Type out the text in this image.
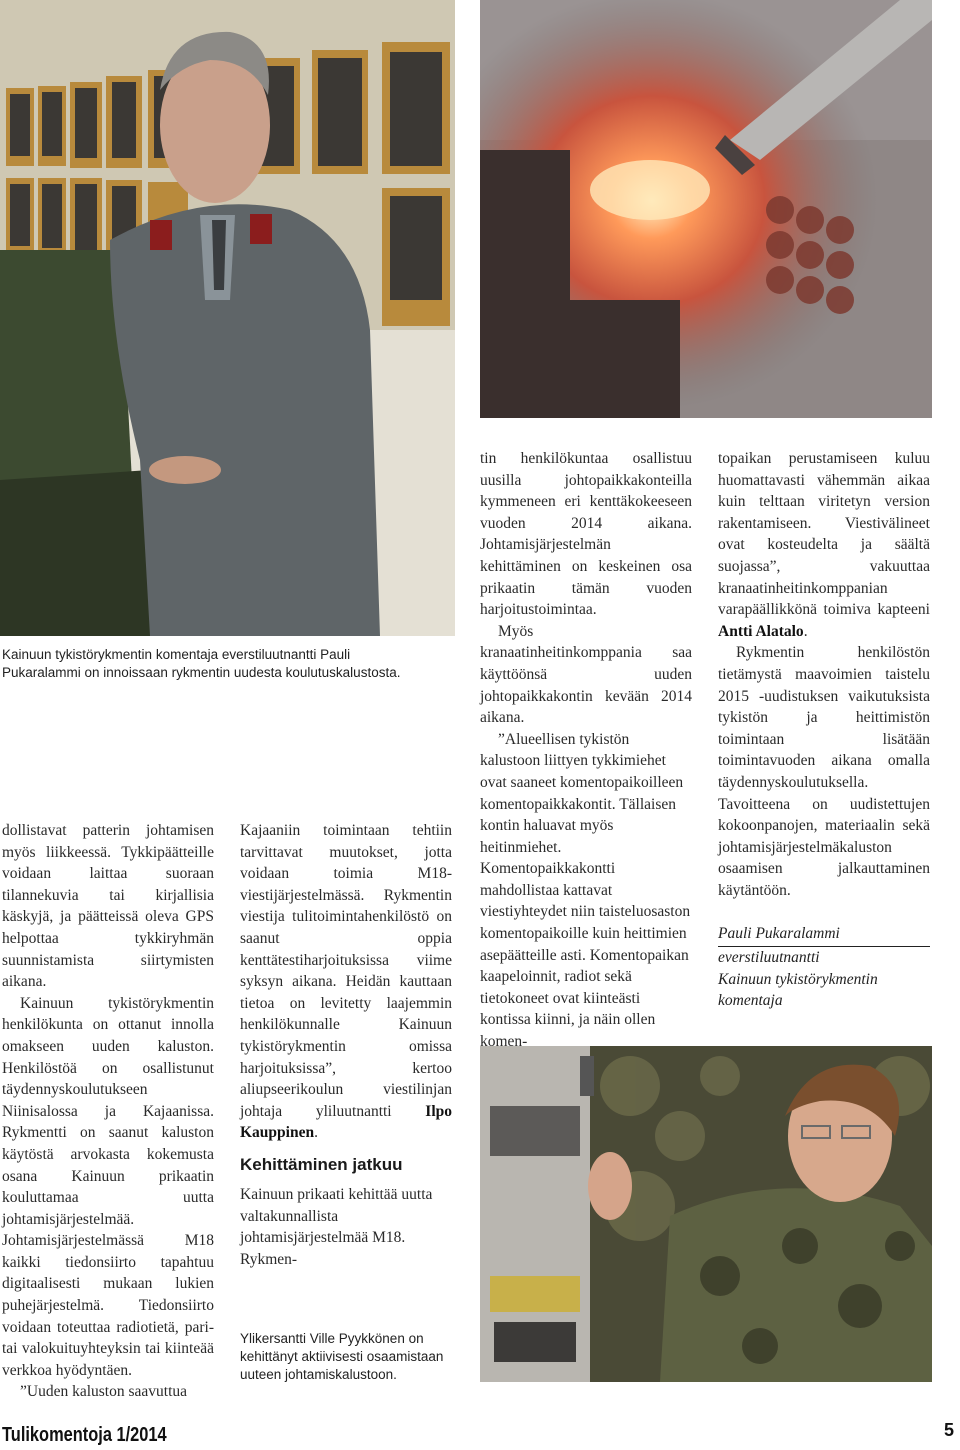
Kainuun tykistörykmentin komentaja everstiluutnantti Pauli Pukaralammi on innoissaan rykmentin uudesta koulutuskalustosta.
Ylikersantti Ville Pyykkönen on kehittänyt aktiivisesti osaamistaan uuteen johtamiskalustoon.

dollistavat patterin johtamisen myös liikkeessä. Tykkipäätteille voidaan laittaa suoraan tilannekuvia tai kirjallisia käskyjä, ja päätteissä oleva GPS helpottaa tykkiryhmän suunnistamista siirtymisten aikana.

Kainuun tykistörykmentin henkilökunta on ottanut innolla omakseen uuden kaluston. Henkilöstöä on osallistunut täydennyskoulutukseen Niinisalossa ja Kajaanissa. Rykmentti on saanut kaluston käytöstä arvokasta kokemusta osana Kainuun prikaatin kouluttamaa uutta johtamisjärjestelmää. Johtamisjärjestelmässä M18 kaikki tiedonsiirto tapahtuu digitaalisesti mukaan lukien puhejärjestelmä. Tiedonsiirto voidaan toteuttaa radiotietä, pari- tai valokuituyhteyksin tai kiinteää verkkoa hyödyntäen.

”Uuden kaluston saavuttua

Kajaaniin toimintaan tehtiin tarvittavat muutokset, jotta voidaan toimia M18-viestijärjestelmässä. Rykmentin viestija tulitoimintahenkilöstö on saanut oppia kenttätestiharjoituksissa viime syksyn aikana. Heidän kauttaan tietoa on levitetty laajemmin henkilökunnalle Kainuun tykistörykmentin omissa harjoituksissa”, kertoo aliupseerikoulun viestilinjan johtaja yliluutnantti Ilpo Kauppinen.

Kehittäminen jatkuu

Kainuun prikaati kehittää uutta valtakunnallista johtamisjärjestelmää M18. Rykmen-

tin henkilökuntaa osallistuu uusilla johtopaikkakonteilla kymmeneen eri kenttäkokeeseen vuoden 2014 aikana. Johtamisjärjestelmän kehittäminen on keskeinen osa prikaatin tämän vuoden harjoitustoimintaa.

Myös kranaatinheitinkomppania saa käyttöönsä uuden johtopaikkakontin kevään 2014 aikana.

”Alueellisen tykistön kalustoon liittyen tykkimiehet ovat saaneet komentopaikoilleen komentopaikkakontit. Tällaisen kontin haluavat myös heitinmiehet. Komentopaikkakontti mahdollistaa kattavat viestiyhteydet niin taisteluosaston komentopaikoille kuin heittimien asepäätteille asti. Komentopaikan kaapeloinnit, radiot sekä tietokoneet ovat kiinteästi kontissa kiinni, ja näin ollen komen-

topaikan perustamiseen kuluu huomattavasti vähemmän aikaa kuin telttaan viritetyn version rakentamiseen. Viestivälineet ovat kosteudelta ja säältä suojassa”, vakuuttaa kranaatinheitinkomppanian varapäällikkönä toimiva kapteeni Antti Alatalo.

Rykmentin henkilöstön tietämystä maavoimien taistelu 2015 -uudistuksen vaikutuksista tykistön ja heittimistön toimintaan lisätään toimintavuoden aikana omalla täydennyskoulutuksella. Tavoitteena on uudistettujen kokoonpanojen, materiaalin sekä johtamisjärjestelmäkaluston osaamisen jalkauttaminen käytäntöön.

Pauli Pukaralammi

everstiluutnantti

Kainuun tykistörykmentin

komentaja

Tulikomentoja 1/2014	5
